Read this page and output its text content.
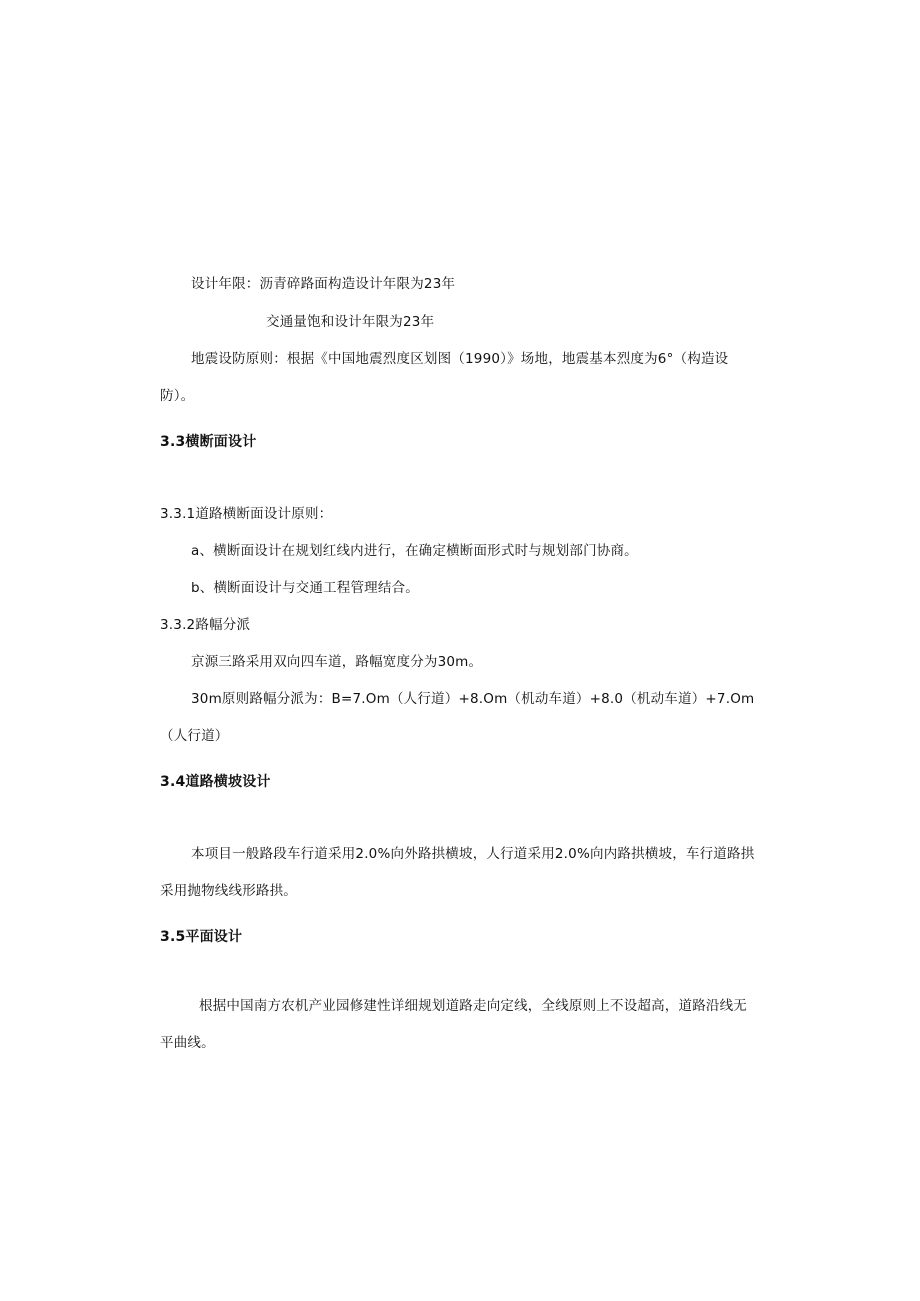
设计年限：沥青碎路面构造设计年限为23年
交通量饱和设计年限为23年
地震设防原则：根据《中国地震烈度区划图（1990）》场地，地震基本烈度为6°（构造设
防）。
3.3横断面设计
3.3.1道路横断面设计原则：
a、横断面设计在规划红线内进行，在确定横断面形式时与规划部门协商。
b、横断面设计与交通工程管理结合。
3.3.2路幅分派
京源三路采用双向四车道，路幅宽度分为30m。
30m原则路幅分派为：B=7.Om（人行道）+8.Om（机动车道）+8.0（机动车道）+7.Om
（人行道）
3.4道路横坡设计
本项目一般路段车行道采用2.0%向外路拱横坡，人行道采用2.0%向内路拱横坡，车行道路拱
采用抛物线线形路拱。
3.5平面设计
根据中国南方农机产业园修建性详细规划道路走向定线，全线原则上不设超高，道路沿线无
平曲线。
